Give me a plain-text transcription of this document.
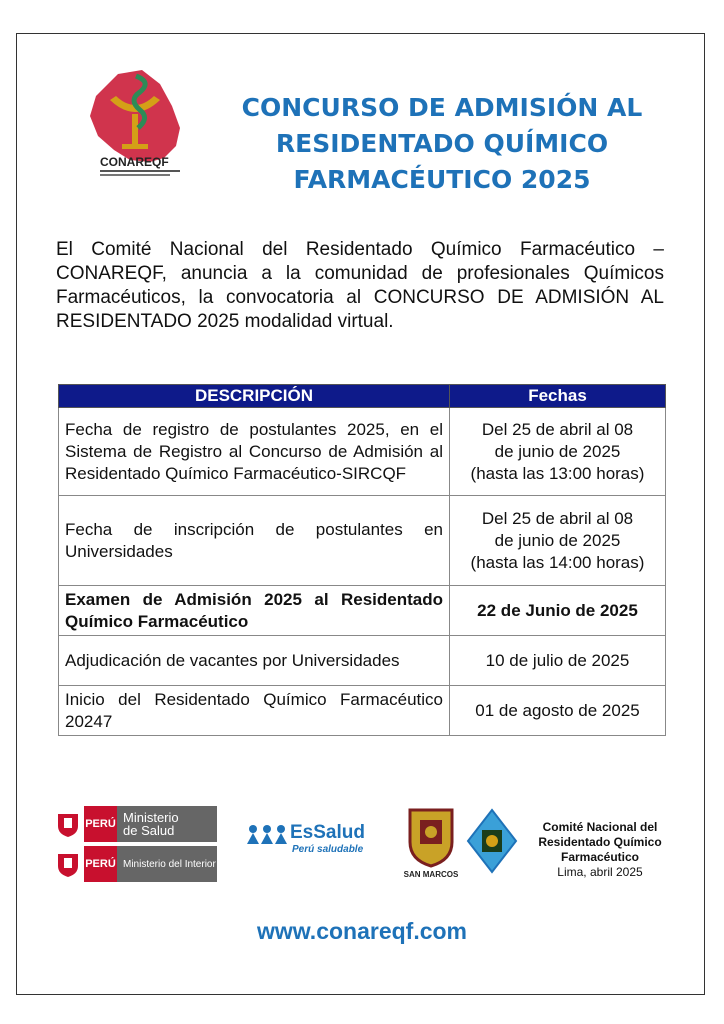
CONAREQF
CONCURSO DE ADMISIÓN AL
RESIDENTADO QUÍMICO
FARMACÉUTICO 2025
El Comité Nacional del Residentado Químico Farmacéutico – CONAREQF, anuncia a la comunidad de profesionales Químicos Farmacéuticos, la convocatoria al CONCURSO DE ADMISIÓN AL RESIDENTADO 2025 modalidad virtual.
DESCRIPCIÓN	Fechas
Fecha de registro de postulantes 2025, en el Sistema de Registro al Concurso de Admisión al Residentado Químico Farmacéutico-SIRCQF	Del 25 de abril al 08
de junio de 2025
(hasta las 13:00 horas)

Fecha de inscripción de postulantes en Universidades	Del 25 de abril al 08
de junio de 2025
(hasta las 14:00 horas)

Examen de Admisión 2025 al Residentado Químico Farmacéutico	22 de Junio de 2025
Adjudicación de vacantes por Universidades	10 de julio de 2025
Inicio del Residentado Químico Farmacéutico 20247	01 de agosto de 2025
PERÚ Ministerio
de Salud
PERÚ Ministerio del Interior
EsSalud
Perú saludable
SAN MARCOS
Comité Nacional del
Residentado Químico
Farmacéutico
Lima, abril 2025
www.conareqf.com
